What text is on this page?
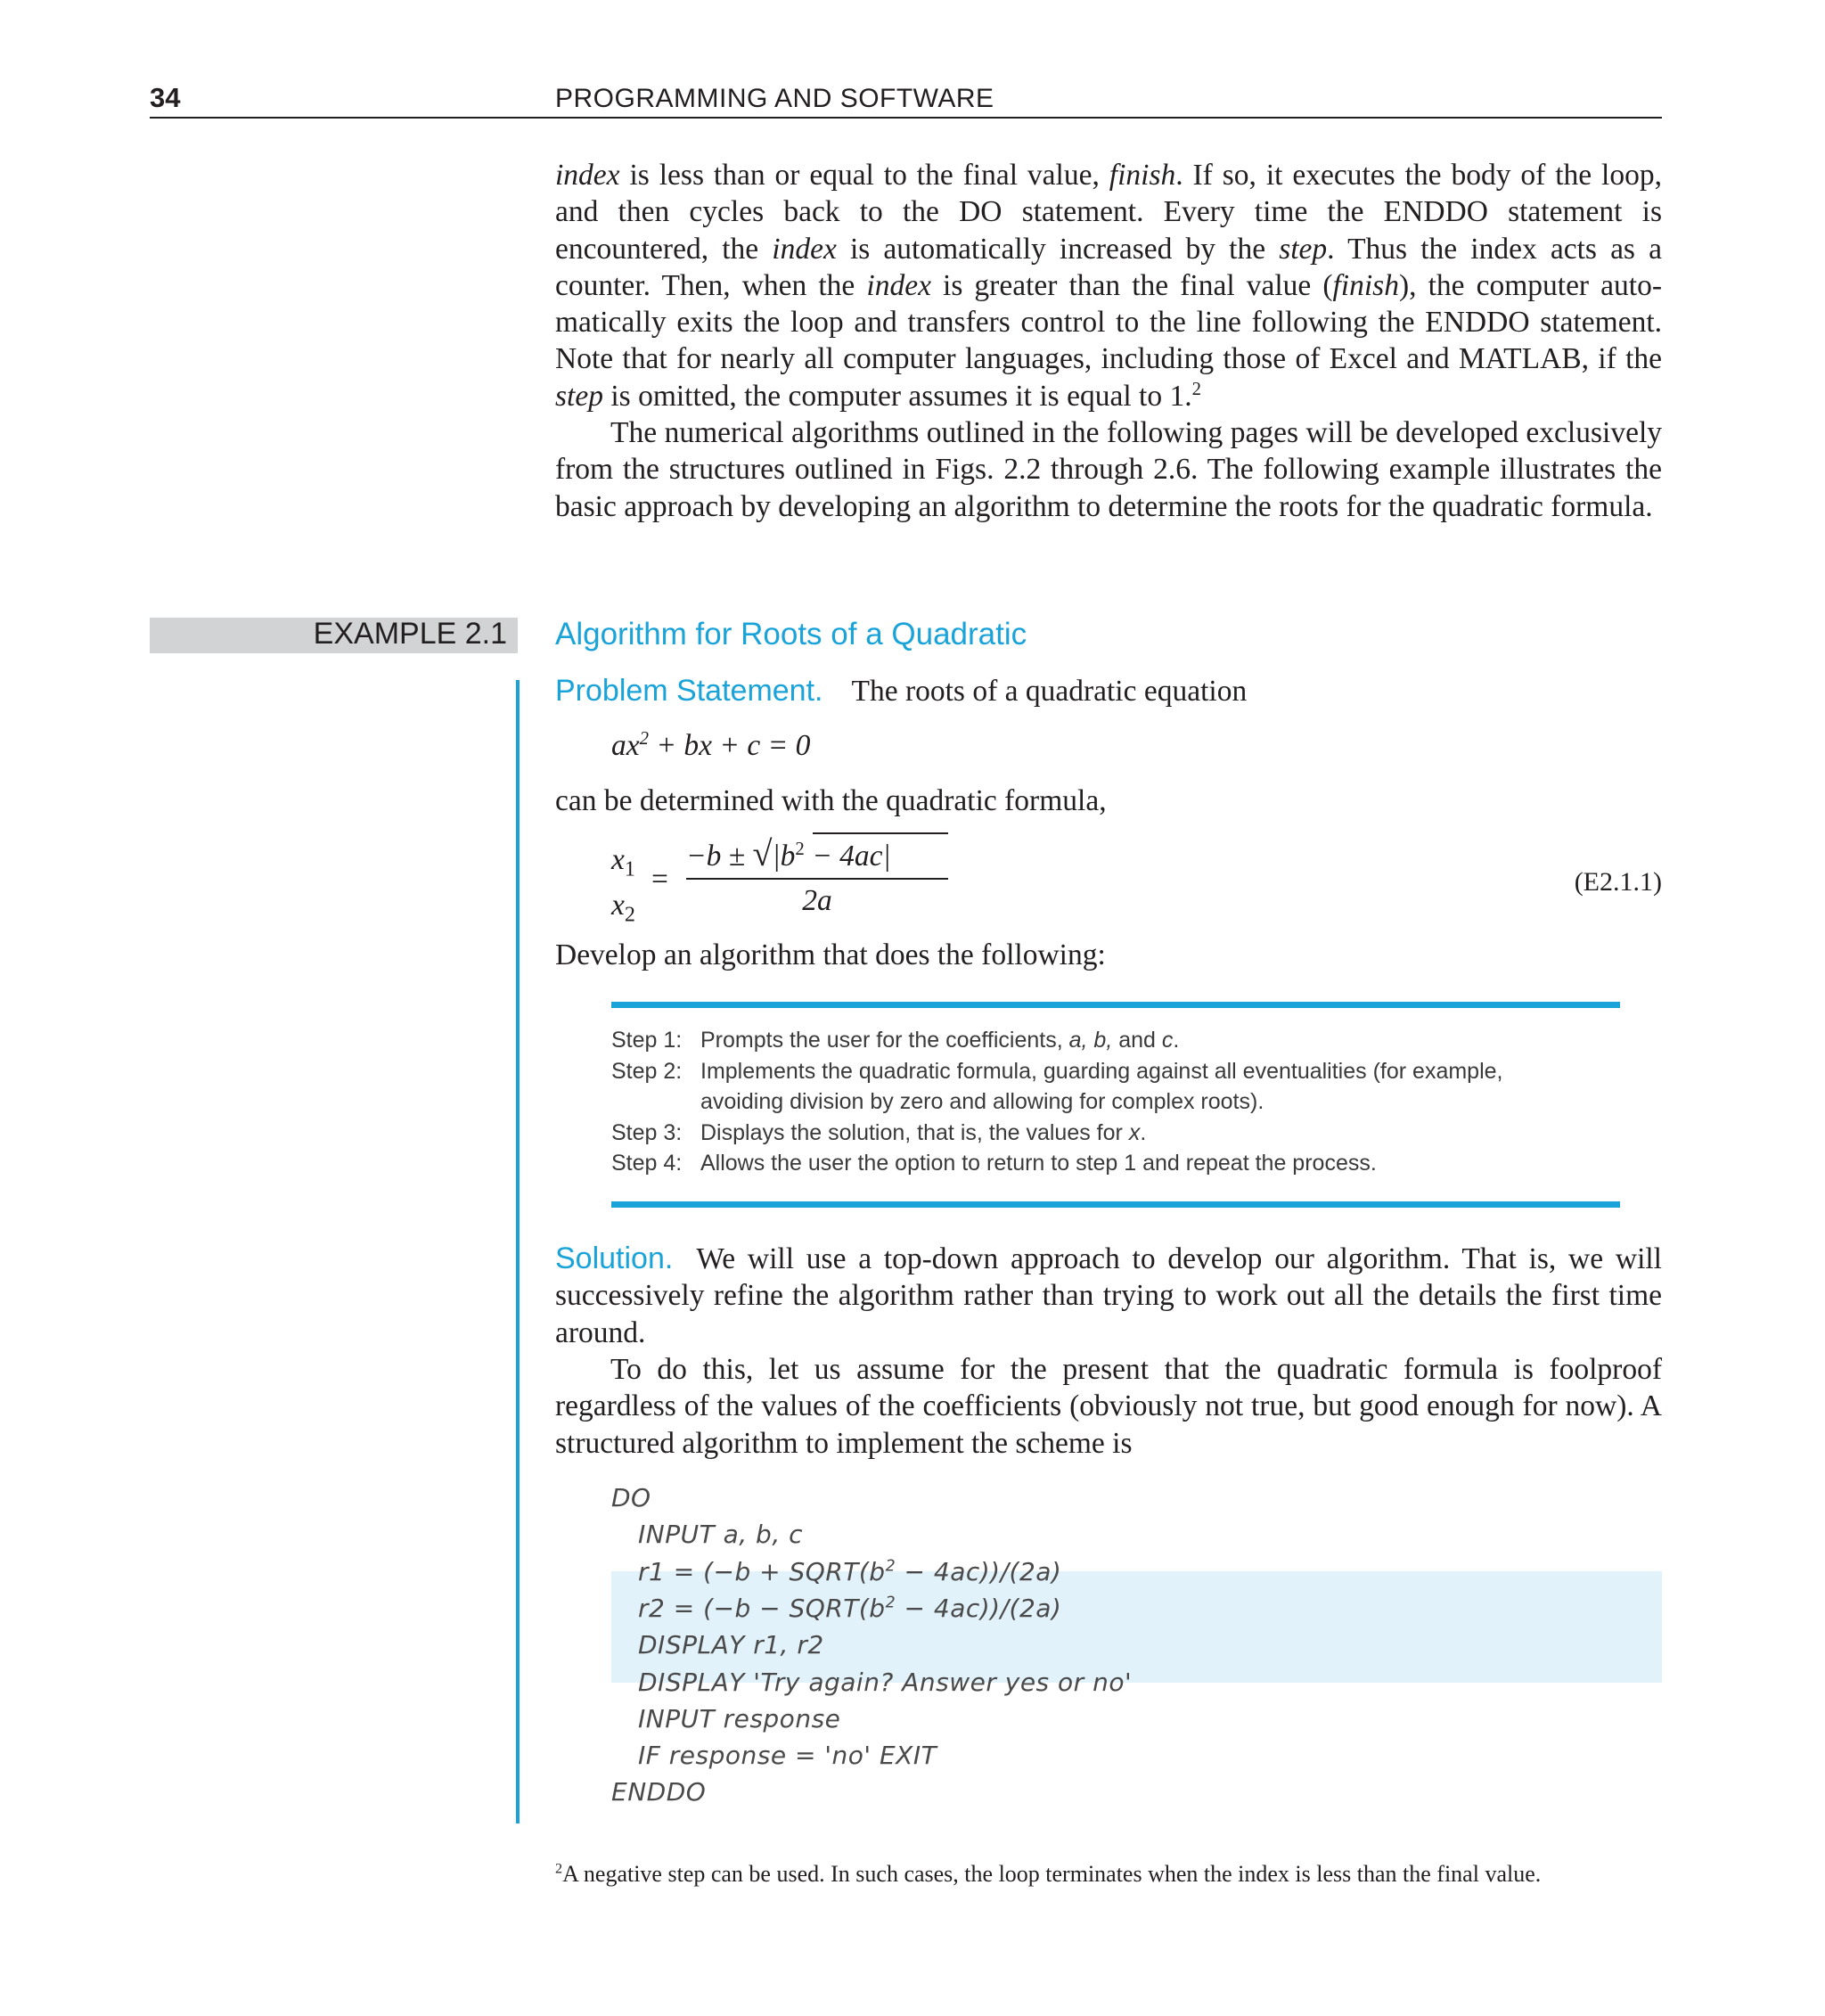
34	PROGRAMMING AND SOFTWARE
index is less than or equal to the final value, finish. If so, it executes the body of the loop, and then cycles back to the DO statement. Every time the ENDDO statement is encountered, the index is automatically increased by the step. Thus the index acts as a counter. Then, when the index is greater than the final value (finish), the computer automatically exits the loop and transfers control to the line following the ENDDO statement. Note that for nearly all computer languages, including those of Excel and MATLAB, if the step is omitted, the computer assumes it is equal to 1.$^2$
The numerical algorithms outlined in the following pages will be developed exclusively from the structures outlined in Figs. 2.2 through 2.6. The following example illustrates the basic approach by developing an algorithm to determine the roots for the quadratic formula.
EXAMPLE 2.1 Algorithm for Roots of a Quadratic
Problem Statement. The roots of a quadratic equation
$ax^2$ + bx + c = 0
can be determined with the quadratic formula,
$x_1$
$x_2$
=
$-b \pm √|b^2 - 4ac|$
2a
(E2.1.1)
Develop an algorithm that does the following:
Step 1: Prompts the user for the coefficients, a, b, and c.
Step 2: Implements the quadratic formula, guarding against all eventualities (for example,
avoiding division by zero and allowing for complex roots).
Step 3: Displays the solution, that is, the values for x.
Step 4: Allows the user the option to return to step 1 and repeat the process.
Solution. We will use a top-down approach to develop our algorithm. That is, we will successively refine the algorithm rather than trying to work out all the details the first time around.
To do this, let us assume for the present that the quadratic formula is foolproof regardless of the values of the coefficients (obviously not true, but good enough for now). A structured algorithm to implement the scheme is
DO
INPUT a, b, c
$r1 = (-b + SQRT(b^2 - 4ac))/(2a)$
$r2 = (-b - SQRT(b^2 - 4ac))/(2a)$
DISPLAY r1, r2
DISPLAY 'Try again? Answer yes or no'
INPUT response
IF response = 'no' EXIT
ENDDO
$^2$A negative step can be used. In such cases, the loop terminates when the index is less than the final value.
